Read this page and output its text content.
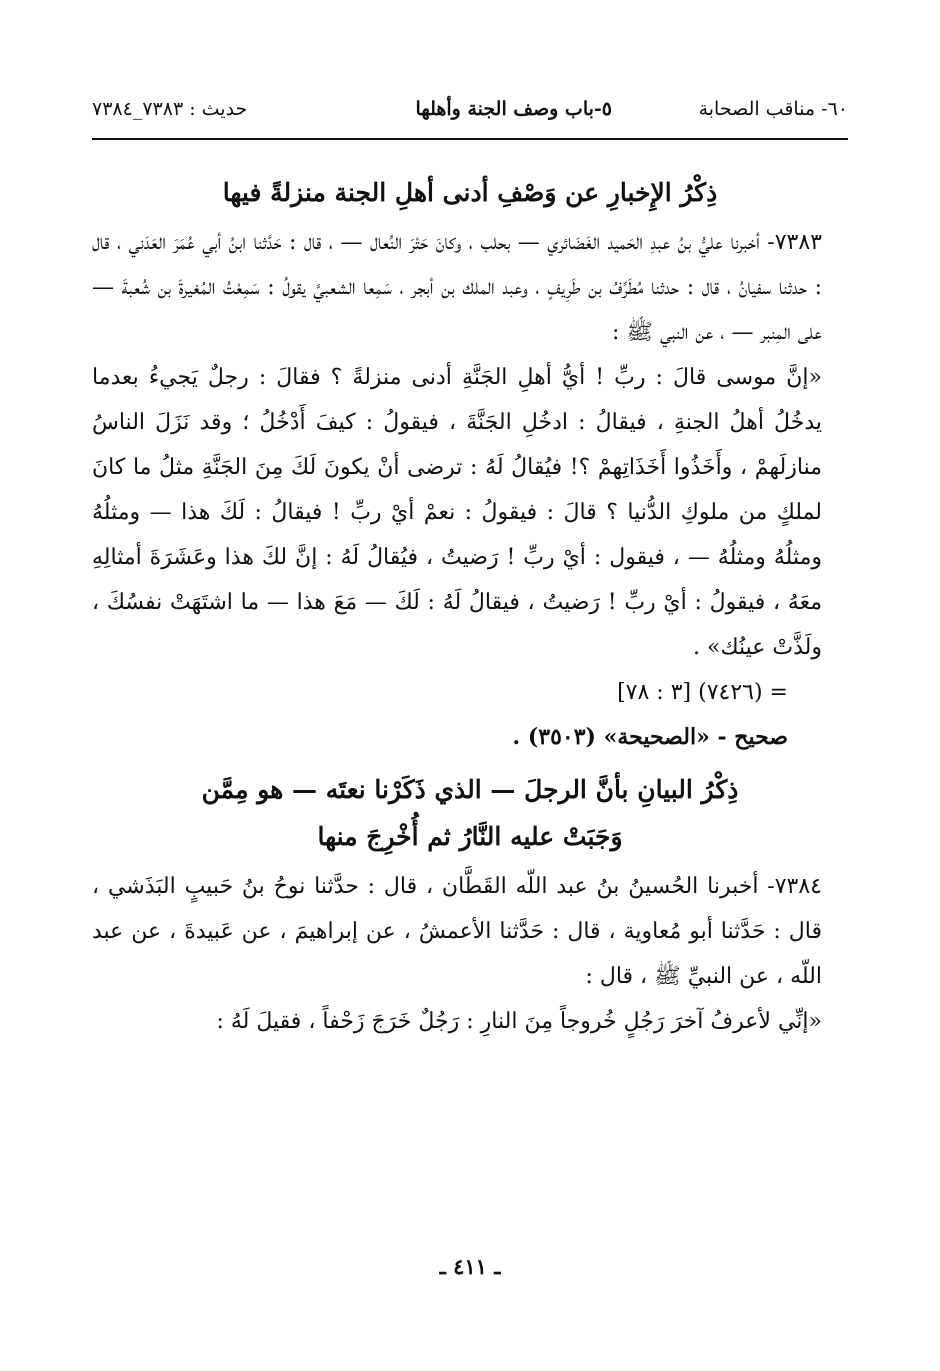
٦٠- مناقب الصحابة
٥-باب وصف الجنة وأهلها
حديث : ٧٣٨٣_٧٣٨٤
ذِكْرُ الإِخبارِ عن وَصْفِ أدنى أهلِ الجنة منزلةً فيها

٧٣٨٣- أخبرنا عليُّ بنُ عبدِ الحَميد الغَضَائري — بحلب ، وكانَ حَتْرَ النِّعال — ، قال : حَدَّثنا ابنُ أبي عُمَرَ العَدَني ، قال : حدثنا سفيانُ ، قال : حدثنا مُطَرِّفُ بن طَرِيفٍ ، وعبد الملك بن أبجر ، سَمِعا الشعبيَّ يقولُ : سَمِعْتُ المُغيرةَ بن شُعبةَ — على المِنبر — ، عن النبي ﷺ :

«إنَّ موسى قالَ : ربِّ ! أيُّ أهلِ الجَنَّةِ أدنى منزلةً ؟ فقالَ : رجلٌ يَجيءُ بعدما يدخُلُ أهلُ الجنةِ ، فيقالُ : ادخُلِ الجَنَّةَ ، فيقولُ : كيفَ أَدْخُلُ ؛ وقد نَزَلَ الناسُ منازلَهمْ ، وأَخَذُوا أَخَذَاتِهمْ ؟! فيُقالُ لَهُ : ترضى أنْ يكونَ لَكَ مِنَ الجَنَّةِ مثلُ ما كانَ لملكٍ من ملوكِ الدُّنيا ؟ قالَ : فيقولُ : نعمْ أيْ ربِّ ! فيقالُ : لَكَ هذا — ومثلُهُ ومثلُهُ ومثلُهُ — ، فيقول : أيْ ربِّ ! رَضيتُ ، فيُقالُ لَهُ : إنَّ لكَ هذا وعَشَرَةَ أمثالِهِ معَهُ ، فيقولُ : أيْ ربِّ ! رَضيتُ ، فيقالُ لَهُ : لَكَ — مَعَ هذا — ما اشتَهَتْ نفسُكَ ، ولَذَّتْ عينُك» .

= (٧٤٢٦) [٣ : ٧٨]

صحيح - «الصحيحة» (٣٥٠٣) .

ذِكْرُ البيانِ بأنَّ الرجلَ — الذي ذَكَرْنا نعتَه — هو مِمَّن
وَجَبَتْ عليه النَّارُ ثم أُخْرِجَ منها

٧٣٨٤- أخبرنا الحُسينُ بنُ عبد اللّه القَطَّان ، قال : حدَّثنا نوحُ بنُ حَبيبٍ البَذَشي ، قال : حَدَّثنا أبو مُعاوية ، قال : حَدَّثنا الأعمشُ ، عن إبراهيمَ ، عن عَبيدةَ ، عن عبد اللّه ، عن النبيِّ ﷺ ، قال :

«إنِّي لأعرفُ آخرَ رَجُلٍ خُروجاً مِنَ النارِ : رَجُلٌ خَرَجَ زَحْفاً ، فقيلَ لَهُ :

ـ ٤١١ ـ
